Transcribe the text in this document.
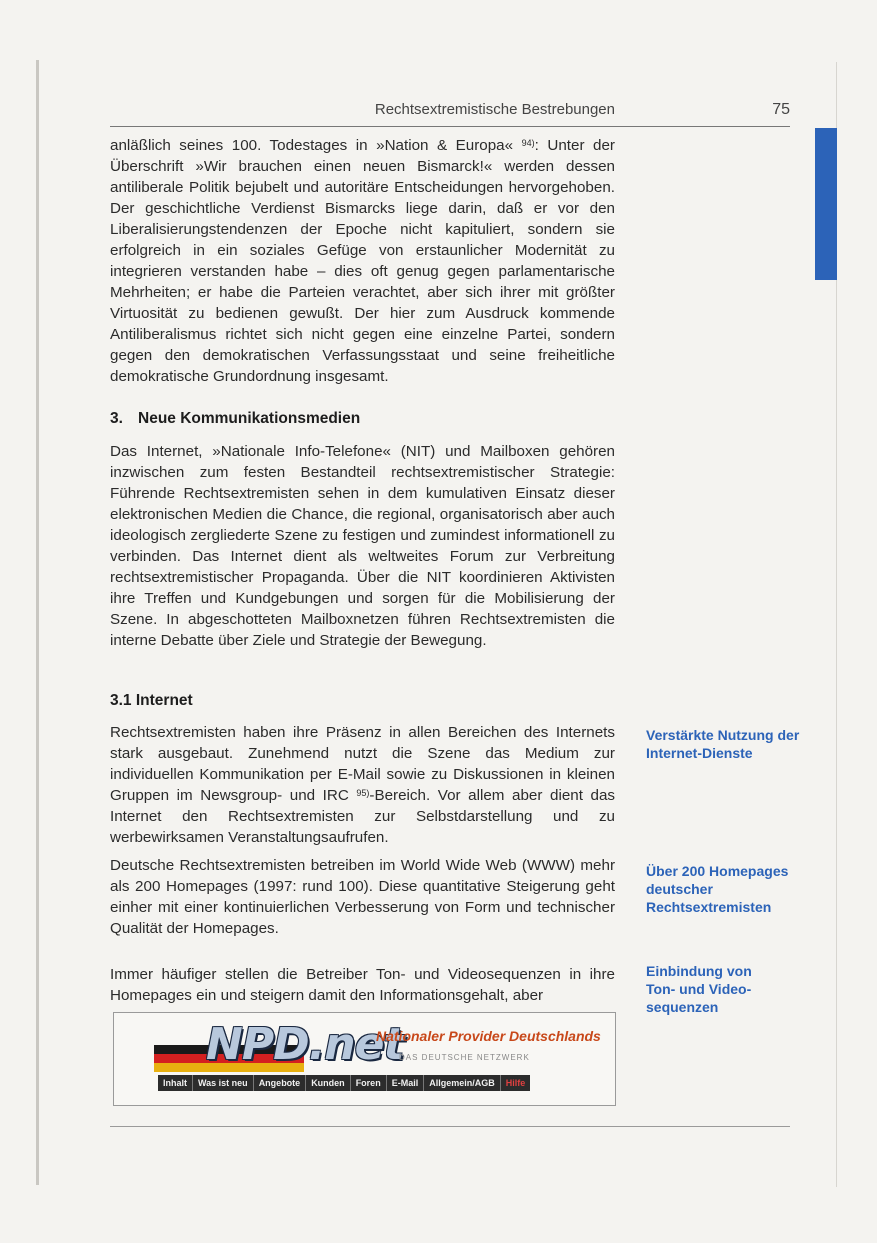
Rechtsextremistische Bestrebungen	75

anläßlich seines 100. Todestages in »Nation & Europa« $^{94)}$: Unter der Überschrift »Wir brauchen einen neuen Bismarck!« werden dessen antiliberale Politik bejubelt und autoritäre Entscheidungen hervorgehoben. Der geschichtliche Verdienst Bismarcks liege darin, daß er vor den Liberalisierungstendenzen der Epoche nicht kapituliert, sondern sie erfolgreich in ein soziales Gefüge von erstaunlicher Modernität zu integrieren verstanden habe – dies oft genug gegen parlamentarische Mehrheiten; er habe die Parteien verachtet, aber sich ihrer mit größter Virtuosität zu bedienen gewußt. Der hier zum Ausdruck kommende Antiliberalismus richtet sich nicht gegen eine einzelne Partei, sondern gegen den demokratischen Verfassungsstaat und seine freiheitliche demokratische Grundordnung insgesamt.

3. Neue Kommunikationsmedien

Das Internet, »Nationale Info-Telefone« (NIT) und Mailboxen gehören inzwischen zum festen Bestandteil rechtsextremistischer Strategie: Führende Rechtsextremisten sehen in dem kumulativen Einsatz dieser elektronischen Medien die Chance, die regional, organisatorisch aber auch ideologisch zergliederte Szene zu festigen und zumindest informationell zu verbinden. Das Internet dient als weltweites Forum zur Verbreitung rechtsextremistischer Propaganda. Über die NIT koordinieren Aktivisten ihre Treffen und Kundgebungen und sorgen für die Mobilisierung der Szene. In abgeschotteten Mailboxnetzen führen Rechtsextremisten die interne Debatte über Ziele und Strategie der Bewegung.

3.1 Internet

Rechtsextremisten haben ihre Präsenz in allen Bereichen des Internets stark ausgebaut. Zunehmend nutzt die Szene das Medium zur individuellen Kommunikation per E-Mail sowie zu Diskussionen in kleinen Gruppen im Newsgroup- und IRC $^{95)}$-Bereich. Vor allem aber dient das Internet den Rechtsextremisten zur Selbstdarstellung und zu werbewirksamen Veranstaltungsaufrufen.

Deutsche Rechtsextremisten betreiben im World Wide Web (WWW) mehr als 200 Homepages (1997: rund 100). Diese quantitative Steigerung geht einher mit einer kontinuierlichen Verbesserung von Form und technischer Qualität der Homepages.

Immer häufiger stellen die Betreiber Ton- und Videosequenzen in ihre Homepages ein und steigern damit den Informationsgehalt, aber

Verstärkte Nutzung der Internet-Dienste
Über 200 Homepages deutscher Rechtsextremisten
Einbindung von Ton- und Video-sequenzen
NPD.net
Nationaler Provider Deutschlands
DAS DEUTSCHE NETZWERK
Inhalt	Was ist neu	Angebote	Kunden	Foren	E-Mail	Allgemein/AGB	Hilfe
